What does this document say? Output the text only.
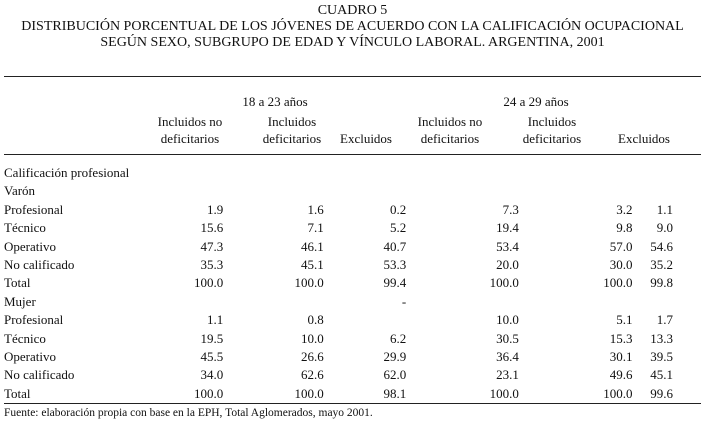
CUADRO 5
DISTRIBUCIÓN PORCENTUAL DE LOS JÓVENES DE ACUERDO CON LA CALIFICACIÓN OCUPACIONAL
SEGÚN SEXO, SUBGRUPO DE EDAD Y VÍNCULO LABORAL. ARGENTINA, 2001
18 a 23 años	24 a 29 años
Incluidos no
deficitarios
Incluidos
deficitarios	Excluidos
Incluidos no
deficitarios
Incluidos
deficitarios	Excluidos
Calificación profesional						
Varón						
Profesional	1.9	1.6	0.2	7.3	3.2	1.1
Técnico	15.6	7.1	5.2	19.4	9.8	9.0
Operativo	47.3	46.1	40.7	53.4	57.0	54.6
No calificado	35.3	45.1	53.3	20.0	30.0	35.2
Total	100.0	100.0	99.4	100.0	100.0	99.8
Mujer			-			
Profesional	1.1	0.8		10.0	5.1	1.7
Técnico	19.5	10.0	6.2	30.5	15.3	13.3
Operativo	45.5	26.6	29.9	36.4	30.1	39.5
No calificado	34.0	62.6	62.0	23.1	49.6	45.1
Total	100.0	100.0	98.1	100.0	100.0	99.6
Fuente: elaboración propia con base en la EPH, Total Aglomerados, mayo 2001.
